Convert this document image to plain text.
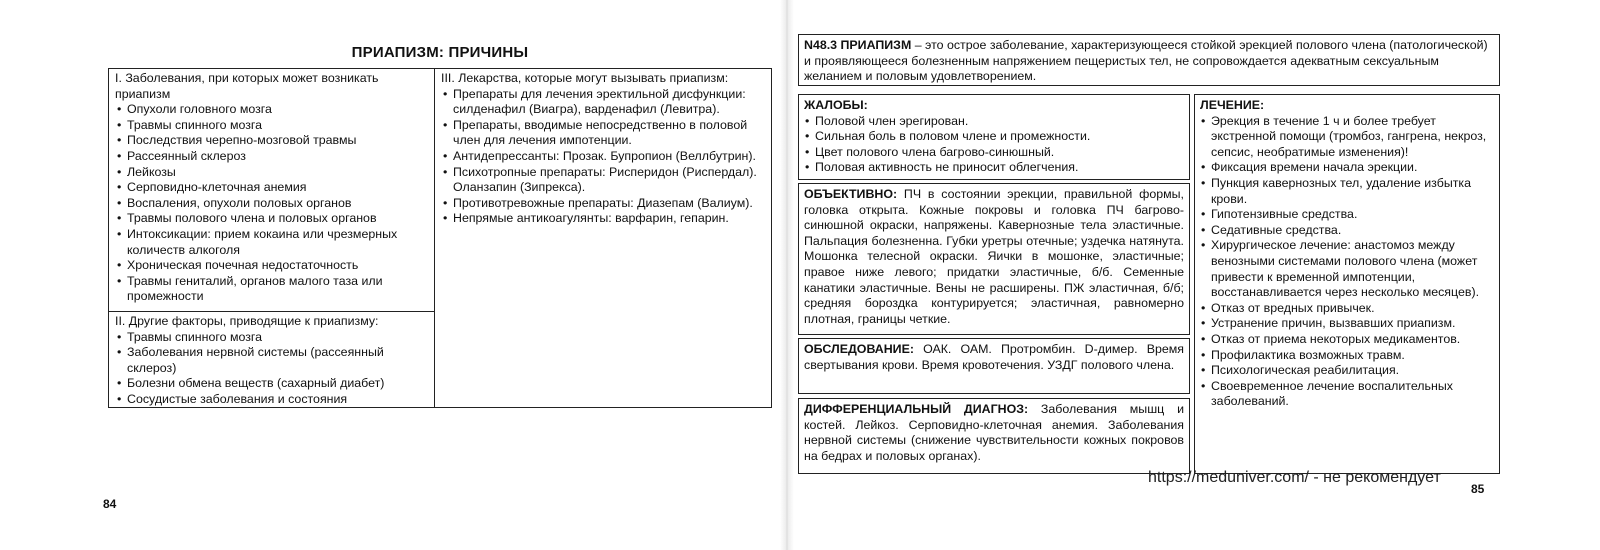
ПРИАПИЗМ: ПРИЧИНЫ
I. Заболевания, при которых может возникать приапизм
• Опухоли головного мозга
• Травмы спинного мозга
• Последствия черепно-мозговой травмы
• Рассеянный склероз
• Лейкозы
• Серповидно-клеточная анемия
• Воспаления, опухоли половых органов
• Травмы полового члена и половых органов
• Интоксикации: прием кокаина или чрезмерных количеств алкоголя
• Хроническая почечная недостаточность
• Травмы гениталий, органов малого таза или промежности
II. Другие факторы, приводящие к приапизму:
• Травмы спинного мозга
• Заболевания нервной системы (рассеянный склероз)
• Болезни обмена веществ (сахарный диабет)
• Сосудистые заболевания и состояния
III. Лекарства, которые могут вызывать приапизм:
• Препараты для лечения эректильной дисфункции: силденафил (Виагра), варденафил (Левитра).
• Препараты, вводимые непосредственно в половой член для лечения импотенции.
• Антидепрессанты: Прозак. Бупропион (Веллбутрин).
• Психотропные препараты: Рисперидон (Риспердал). Оланзапин (Зипрекса).
• Противотревожные препараты: Диазепам (Валиум).
• Непрямые антикоагулянты: варфарин, гепарин.
84
N48.3 ПРИАПИЗМ – это острое заболевание, характеризующееся стойкой эрекцией полового члена (патологической) и проявляющееся болезненным напряжением пещеристых тел, не сопровождается адекватным сексуальным желанием и половым удовлетворением.
ЖАЛОБЫ:
• Половой член эрегирован.
• Сильная боль в половом члене и промежности.
• Цвет полового члена багрово-синюшный.
• Половая активность не приносит облегчения.
ОБЪЕКТИВНО: ПЧ в состоянии эрекции, правильной формы, головка открыта. Кожные покровы и головка ПЧ багрово-синюшной окраски, напряжены. Кавернозные тела эластичные. Пальпация болезненна. Губки уретры отечные; уздечка натянута. Мошонка телесной окраски. Яички в мошонке, эластичные; правое ниже левого; придатки эластичные, б/б. Семенные канатики эластичные. Вены не расширены. ПЖ эластичная, б/б; средняя бороздка контурируется; эластичная, равномерно плотная, границы четкие.
ОБСЛЕДОВАНИЕ: ОАК. ОАМ. Протромбин. D-димер. Время свертывания крови. Время кровотечения. УЗДГ полового члена.
ДИФФЕРЕНЦИАЛЬНЫЙ ДИАГНОЗ: Заболевания мышц и костей. Лейкоз. Серповидно-клеточная анемия. Заболевания нервной системы (снижение чувствительности кожных покровов на бедрах и половых органах).
ЛЕЧЕНИЕ:
• Эрекция в течение 1 ч и более требует экстренной помощи (тромбоз, гангрена, некроз, сепсис, необратимые изменения)!
• Фиксация времени начала эрекции.
• Пункция кавернозных тел, удаление избытка крови.
• Гипотензивные средства.
• Седативные средства.
• Хирургическое лечение: анастомоз между венозными системами полового члена (может привести к временной импотенции, восстанавливается через несколько месяцев).
• Отказ от вредных привычек.
• Устранение причин, вызвавших приапизм.
• Отказ от приема некоторых медикаментов.
• Профилактика возможных травм.
• Психологическая реабилитация.
• Своевременное лечение воспалительных заболеваний.
https://meduniver.com/ - не рекомендует
85
